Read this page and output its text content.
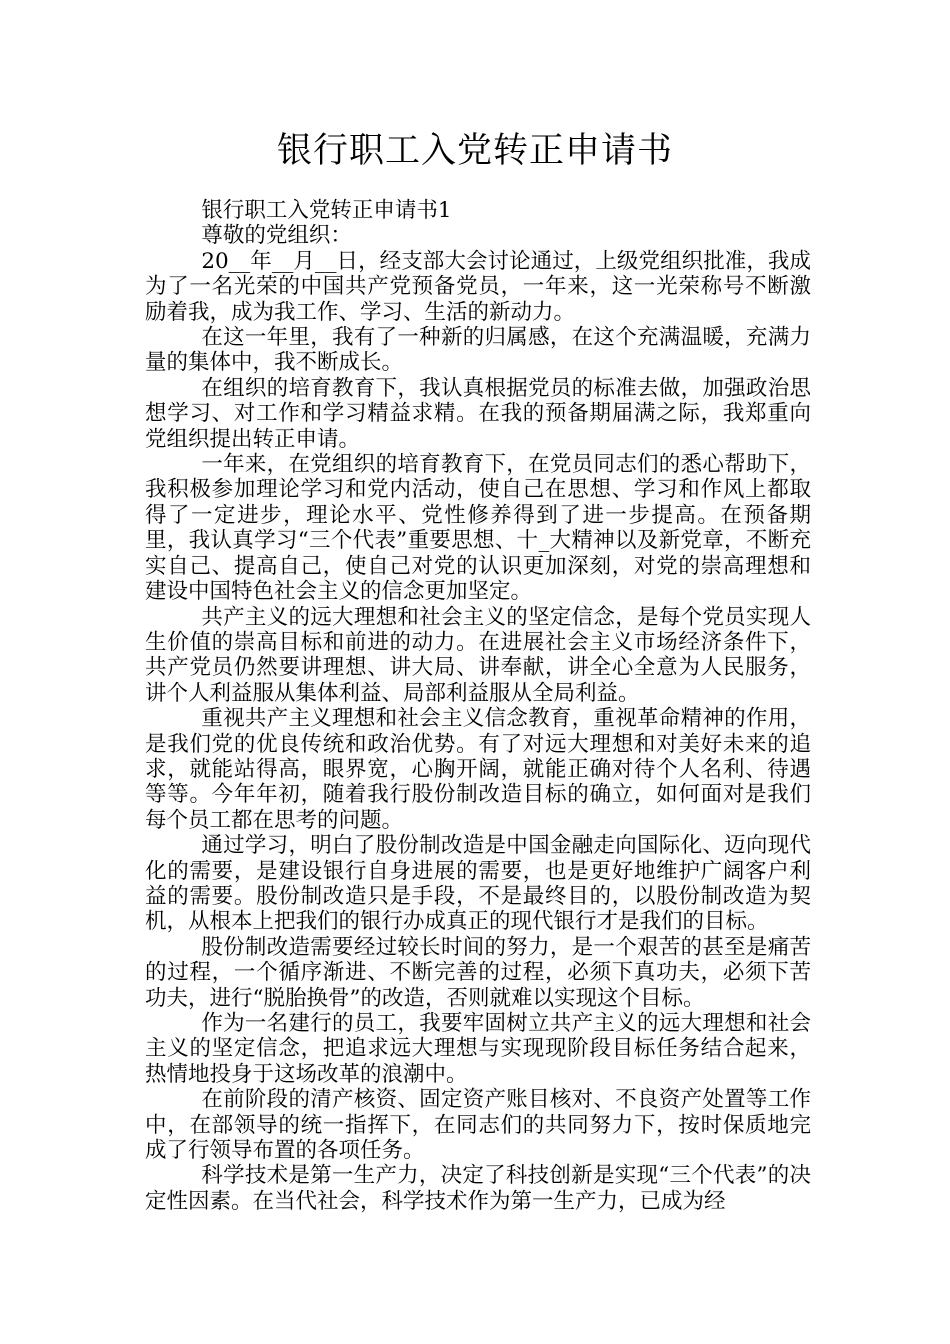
银行职工入党转正申请书

银行职工入党转正申请书1

尊敬的党组织：

20__年__月__日，经支部大会讨论通过，上级党组织批准，我成为了一名光荣的中国共产党预备党员，一年来，这一光荣称号不断激励着我，成为我工作、学习、生活的新动力。

在这一年里，我有了一种新的归属感，在这个充满温暖，充满力量的集体中，我不断成长。

在组织的培育教育下，我认真根据党员的标准去做，加强政治思想学习、对工作和学习精益求精。在我的预备期届满之际，我郑重向党组织提出转正申请。

一年来，在党组织的培育教育下，在党员同志们的悉心帮助下，我积极参加理论学习和党内活动，使自己在思想、学习和作风上都取得了一定进步，理论水平、党性修养得到了进一步提高。在预备期里，我认真学习“三个代表”重要思想、十_大精神以及新党章，不断充实自己、提高自己，使自己对党的认识更加深刻，对党的崇高理想和建设中国特色社会主义的信念更加坚定。

共产主义的远大理想和社会主义的坚定信念，是每个党员实现人生价值的崇高目标和前进的动力。在进展社会主义市场经济条件下，共产党员仍然要讲理想、讲大局、讲奉献，讲全心全意为人民服务，讲个人利益服从集体利益、局部利益服从全局利益。

重视共产主义理想和社会主义信念教育，重视革命精神的作用，是我们党的优良传统和政治优势。有了对远大理想和对美好未来的追求，就能站得高，眼界宽，心胸开阔，就能正确对待个人名利、待遇等等。今年年初，随着我行股份制改造目标的确立，如何面对是我们每个员工都在思考的问题。

通过学习，明白了股份制改造是中国金融走向国际化、迈向现代化的需要，是建设银行自身进展的需要，也是更好地维护广阔客户利益的需要。股份制改造只是手段，不是最终目的，以股份制改造为契机，从根本上把我们的银行办成真正的现代银行才是我们的目标。

股份制改造需要经过较长时间的努力，是一个艰苦的甚至是痛苦的过程，一个循序渐进、不断完善的过程，必须下真功夫，必须下苦功夫，进行“脱胎换骨”的改造，否则就难以实现这个目标。

作为一名建行的员工，我要牢固树立共产主义的远大理想和社会主义的坚定信念，把追求远大理想与实现现阶段目标任务结合起来，热情地投身于这场改革的浪潮中。

在前阶段的清产核资、固定资产账目核对、不良资产处置等工作中，在部领导的统一指挥下，在同志们的共同努力下，按时保质地完成了行领导布置的各项任务。

科学技术是第一生产力，决定了科技创新是实现“三个代表”的决定性因素。在当代社会，科学技术作为第一生产力，已成为经
